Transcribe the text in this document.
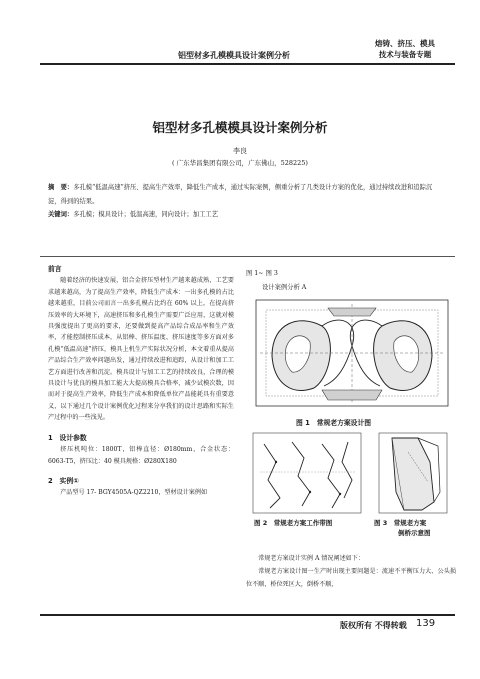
铝型材多孔模模具设计案例分析
熔铸、挤压、模具
技术与装备专题
铝型材多孔模模具设计案例分析
李良
( 广东华昌集团有限公司，广东佛山，528225)
摘　要：多孔模“低温高速”挤压、提高生产效率，降低生产成本，通过实际案例，侧重分析了几类设计方案的优化，通过持续改进和追踪沉淀，得到的结果。
关键词：多孔模；模具设计；低温高速，同向设计；加工工艺
前言
随着经济的快速发展，铝合金挤压型材生产越来越成熟，工艺要求越来越高，为了提高生产效率，降低生产成本：一出多孔模的占比越来越重，目前公司而言一出多孔模占比约在 60% 以上，在提高挤压效率的大环境下，高速挤压和多孔模生产需要广泛应用，这就对模具强度提出了更高的要求，还要做到提高产品综合成品率和生产效率，才能控制挤压成本，从铝棒、挤压温度、挤压速度等多方面对多孔模“低温高速”挤压，模具上机生产实际状况分析，本文着重从提高产品综合生产效率问题出发，通过持续改进和追踪，从设计和加工工艺方面进行改善和沉淀。模具设计与加工工艺的持续改良，合理的模具设计与优良的模具加工能大大提高模具合格率，减少试模次数，因而对于提高生产效率，降低生产成本和降低单位产品能耗具有重要意义，以下通过几个设计案例优化过程来分享我们的设计思路和实际生产过程中的一些浅见。
1　设计参数
挤压机吨位：1800T，铝棒直径：Ø180mm，合金状态：6063-T5，挤压比：40 模具规格：Ø280X180
2　实例①
产品型号 17- BGY4505A-QZ2210，型材设计案例如
图 1~ 图 3
设计案例分析 A
图 1　常规老方案设计图
图 2　常规老方案工作带图	图 3　常规老方案
倒桥示意图
常规老方案设计实例 A 情况阐述如下：
常规老方案设计图一生产时出现主要问题是：流速不平衡压力大、公头损位不顺，桥位死区大，倒桥不顺，
版权所有 不得转载 139
